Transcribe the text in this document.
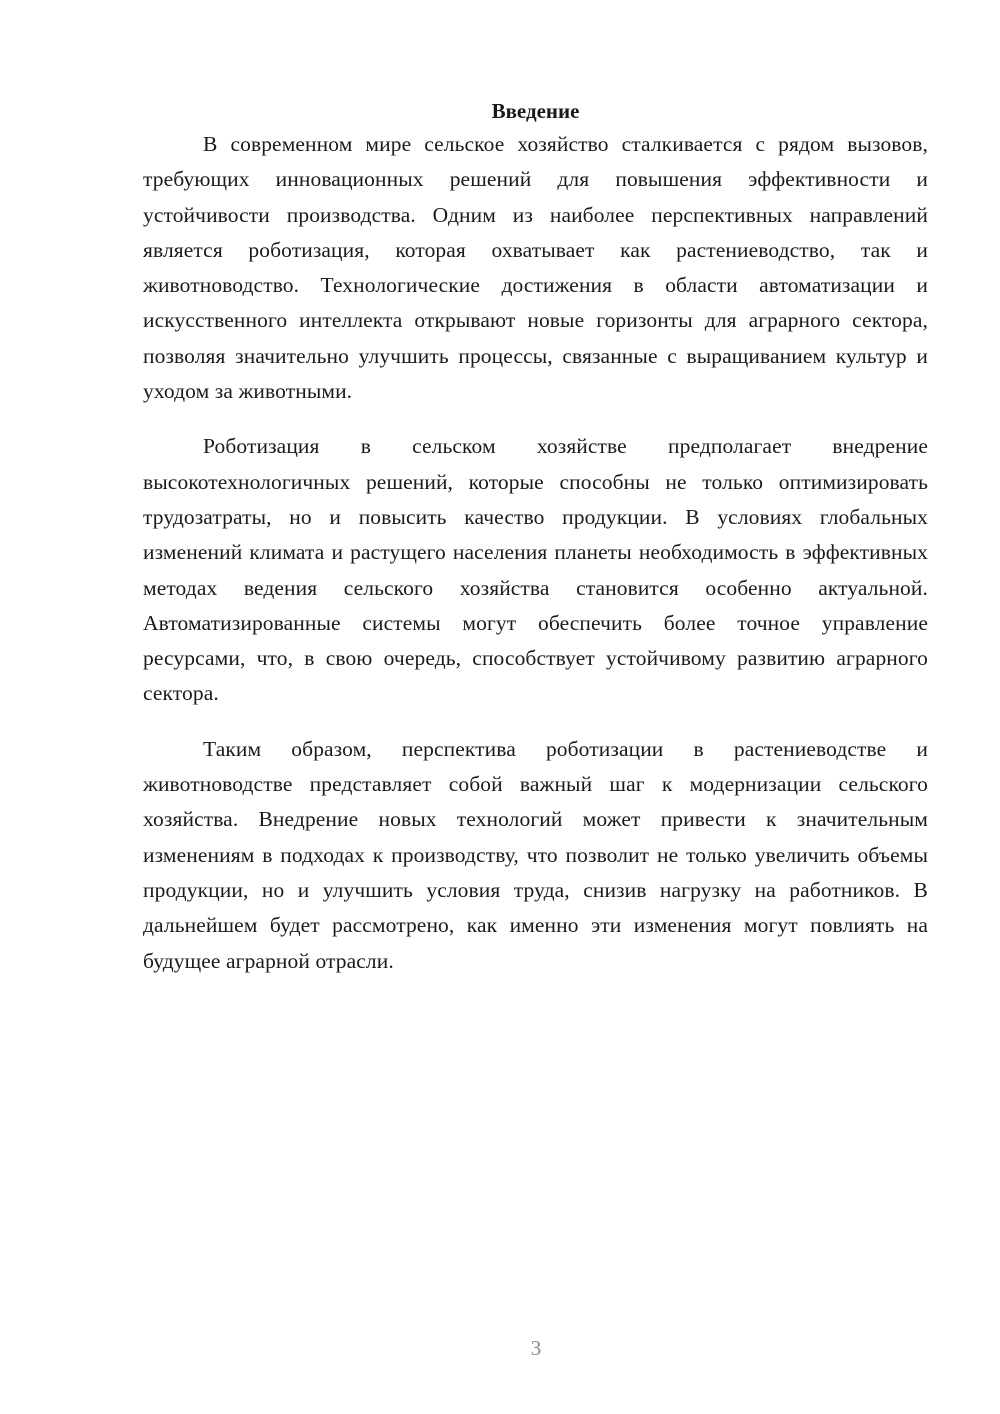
Введение

В современном мире сельское хозяйство сталкивается с рядом вызовов, требующих инновационных решений для повышения эффективности и устойчивости производства. Одним из наиболее перспективных направлений является роботизация, которая охватывает как растениеводство, так и животноводство. Технологические достижения в области автоматизации и искусственного интеллекта открывают новые горизонты для аграрного сектора, позволяя значительно улучшить процессы, связанные с выращиванием культур и уходом за животными.

Роботизация в сельском хозяйстве предполагает внедрение высокотехнологичных решений, которые способны не только оптимизировать трудозатраты, но и повысить качество продукции. В условиях глобальных изменений климата и растущего населения планеты необходимость в эффективных методах ведения сельского хозяйства становится особенно актуальной. Автоматизированные системы могут обеспечить более точное управление ресурсами, что, в свою очередь, способствует устойчивому развитию аграрного сектора.

Таким образом, перспектива роботизации в растениеводстве и животноводстве представляет собой важный шаг к модернизации сельского хозяйства. Внедрение новых технологий может привести к значительным изменениям в подходах к производству, что позволит не только увеличить объемы продукции, но и улучшить условия труда, снизив нагрузку на работников. В дальнейшем будет рассмотрено, как именно эти изменения могут повлиять на будущее аграрной отрасли.

3
